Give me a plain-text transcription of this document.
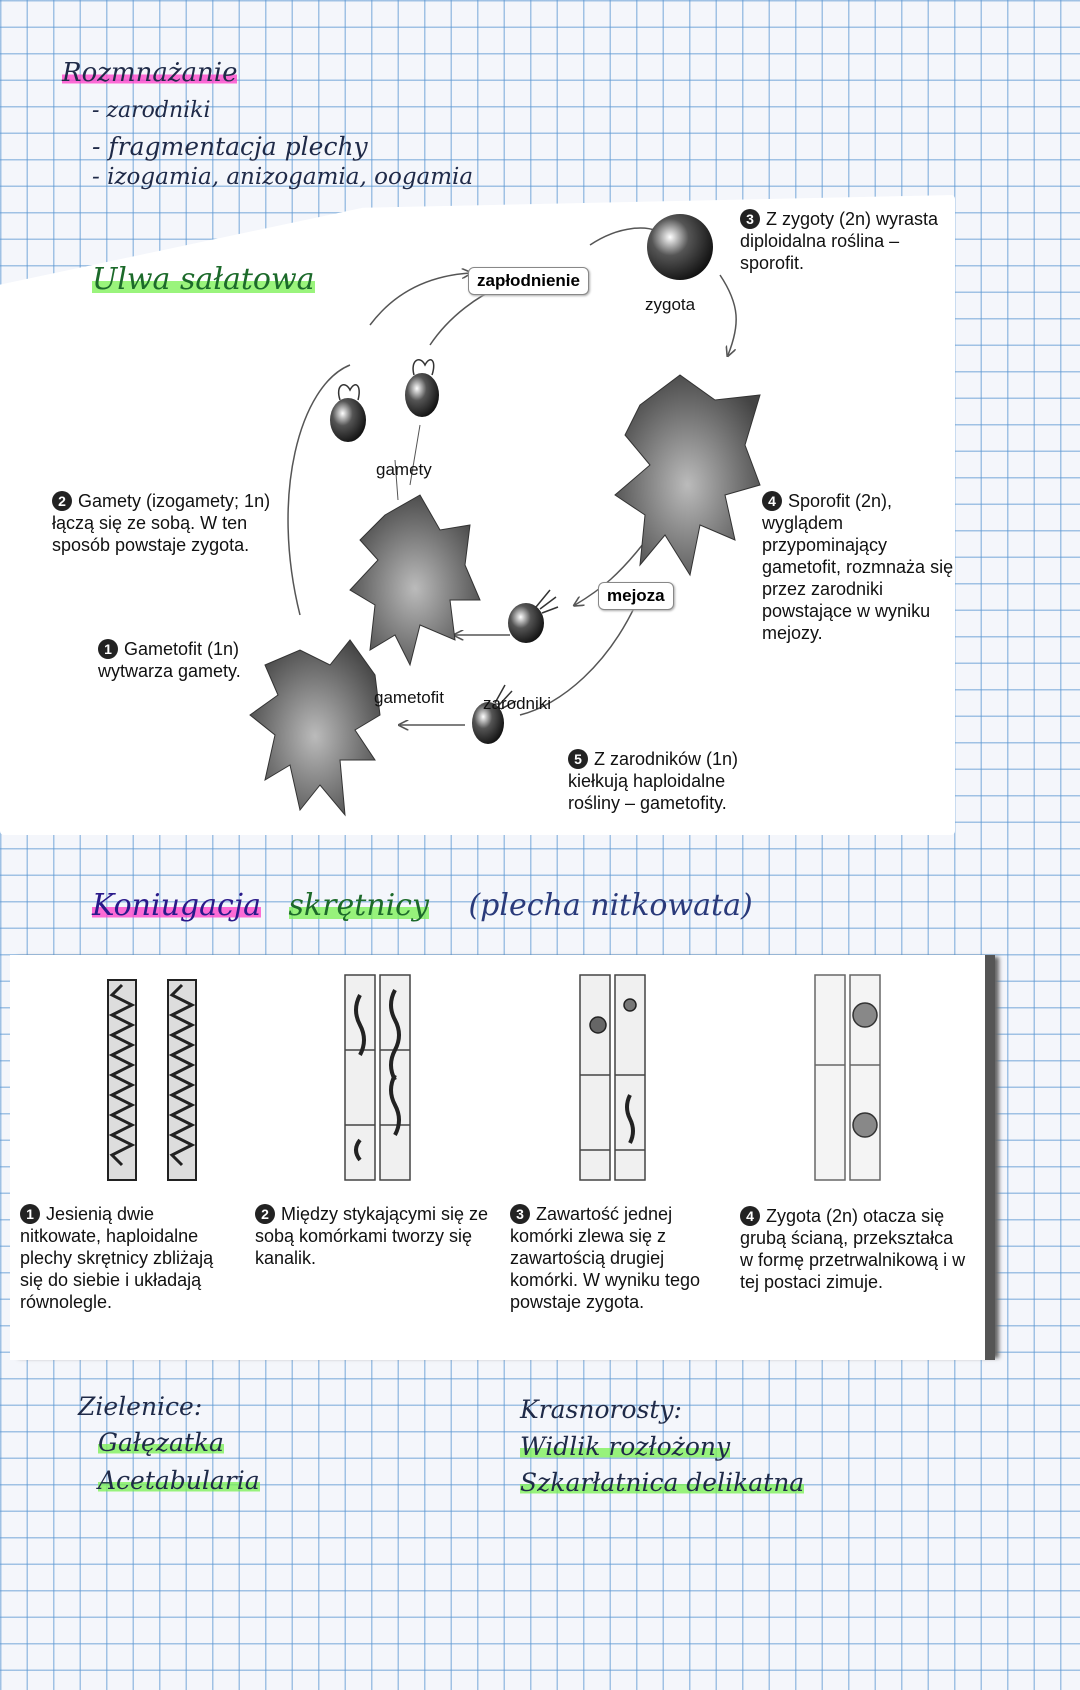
Rozmnażanie
- zarodniki
- fragmentacja plechy
- izogamia, anizogamia, oogamia
Ulwa sałatowa	zapłodnienie
zygota
gamety
gametofit
mejoza
zarodniki
1 Gametofit (1n) wytwarza gamety.
2 Gamety (izogamety; 1n) łączą się ze sobą. W ten sposób powstaje zygota.
3 Z zygoty (2n) wyrasta diploidalna roślina – sporofit.
4 Sporofit (2n), wyglądem przypominający gametofit, rozmnaża się przez zarodniki powstające w wyniku mejozy.
5 Z zarodników (1n) kiełkują haploidalne rośliny – gametofity.
Koniugacja skrętnicy (plecha nitkowata)
1 Jesienią dwie nitkowate, haploidalne plechy skrętnicy zbliżają się do siebie i układają równolegle.
2 Między stykającymi się ze sobą komórkami tworzy się kanalik.
3 Zawartość jednej komórki zlewa się z zawartością drugiej komórki. W wyniku tego powstaje zygota.
4 Zygota (2n) otacza się grubą ścianą, przekształca w formę przetrwalnikową i w tej postaci zimuje.
Zielenice:
Gałęzatka
Acetabularia
Krasnorosty:
Widlik rozłożony
Szkarłatnica delikatna
